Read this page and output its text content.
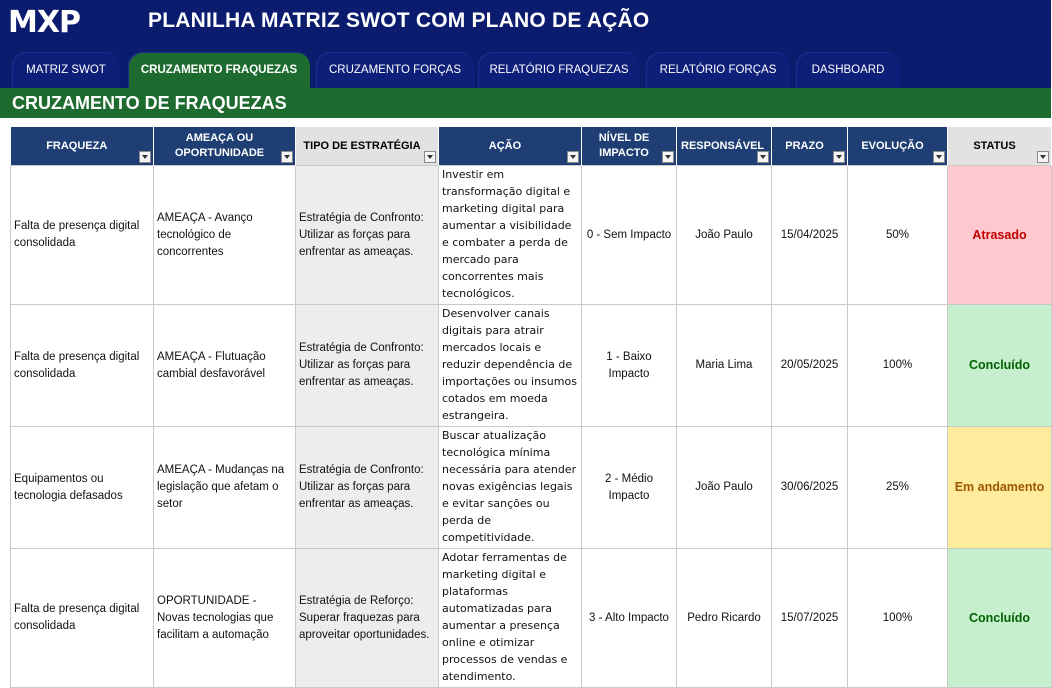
MXP	PLANILHA MATRIZ SWOT COM PLANO DE AÇÃO
MATRIZ SWOT	CRUZAMENTO FRAQUEZAS	CRUZAMENTO FORÇAS	RELATÓRIO FRAQUEZAS	RELATÓRIO FORÇAS	DASHBOARD
CRUZAMENTO DE FRAQUEZAS
FRAQUEZA	AMEAÇA OU OPORTUNIDADE	TIPO DE ESTRATÉGIA	AÇÃO	NÍVEL DE IMPACTO	RESPONSÁVEL	PRAZO	EVOLUÇÃO	STATUS

Falta de presença digital consolidada	AMEAÇA - Avanço tecnológico de concorrentes	Estratégia de Confronto: Utilizar as forças para enfrentar as ameaças.	Investir em transformação digital e marketing digital para aumentar a visibilidade e combater a perda de mercado para concorrentes mais tecnológicos.	0 - Sem Impacto	João Paulo	15/04/2025	50%	Atrasado
Falta de presença digital consolidada	AMEAÇA - Flutuação cambial desfavorável	Estratégia de Confronto: Utilizar as forças para enfrentar as ameaças.	Desenvolver canais digitais para atrair mercados locais e reduzir dependência de importações ou insumos cotados em moeda estrangeira.	1 - Baixo Impacto	Maria Lima	20/05/2025	100%	Concluído
Equipamentos ou tecnologia defasados	AMEAÇA - Mudanças na legislação que afetam o setor	Estratégia de Confronto: Utilizar as forças para enfrentar as ameaças.	Buscar atualização tecnológica mínima necessária para atender novas exigências legais e evitar sanções ou perda de competitividade.	2 - Médio Impacto	João Paulo	30/06/2025	25%	Em andamento
Falta de presença digital consolidada	OPORTUNIDADE - Novas tecnologias que facilitam a automação	Estratégia de Reforço: Superar fraquezas para aproveitar oportunidades.	Adotar ferramentas de marketing digital e plataformas automatizadas para aumentar a presença online e otimizar processos de vendas e atendimento.	3 - Alto Impacto	Pedro Ricardo	15/07/2025	100%	Concluído
